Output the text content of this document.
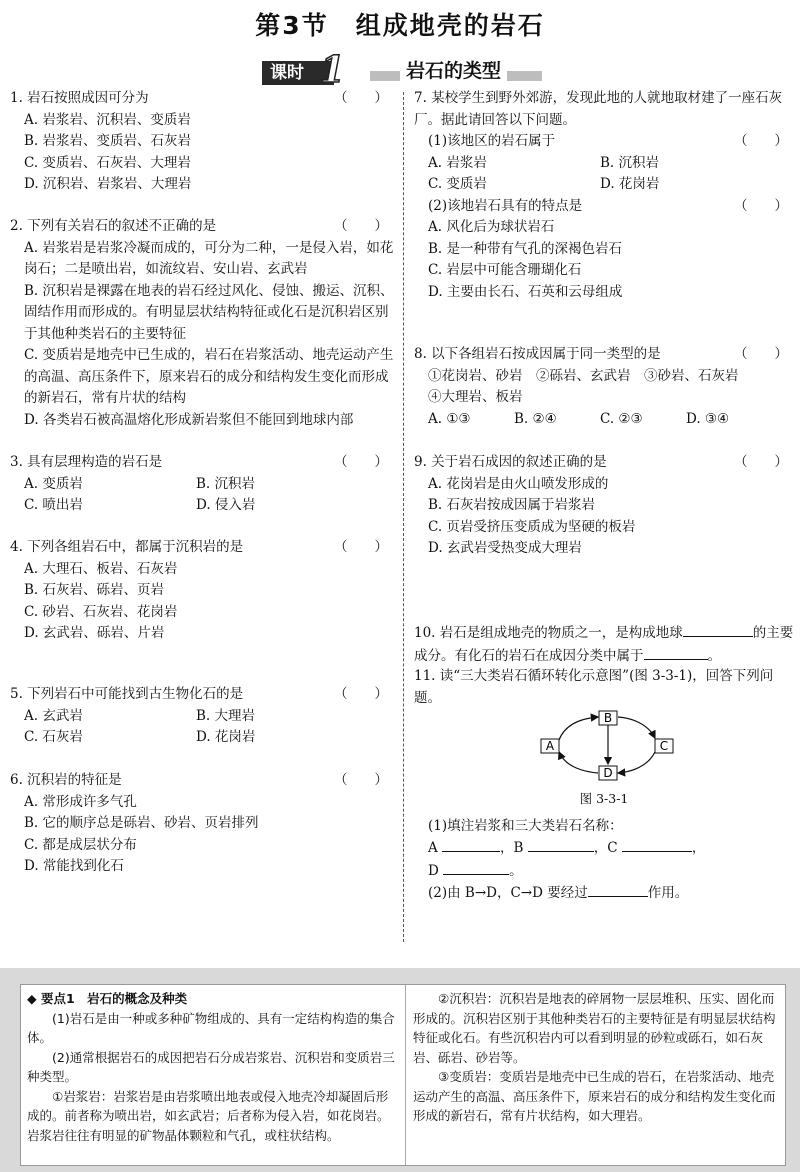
第3节　组成地壳的岩石
课时 1	岩石的类型
1. 岩石按照成因可分为	（　　）
A. 岩浆岩、沉积岩、变质岩
B. 岩浆岩、变质岩、石灰岩
C. 变质岩、石灰岩、大理岩
D. 沉积岩、岩浆岩、大理岩
2. 下列有关岩石的叙述不正确的是	（　　）
A. 岩浆岩是岩浆冷凝而成的，可分为二种，一是侵入岩，如花岗石；二是喷出岩，如流纹岩、安山岩、玄武岩
B. 沉积岩是裸露在地表的岩石经过风化、侵蚀、搬运、沉积、固结作用而形成的。有明显层状结构特征或化石是沉积岩区别于其他种类岩石的主要特征
C. 变质岩是地壳中已生成的，岩石在岩浆活动、地壳运动产生的高温、高压条件下，原来岩石的成分和结构发生变化而形成的新岩石，常有片状的结构
D. 各类岩石被高温熔化形成新岩浆但不能回到地球内部
3. 具有层理构造的岩石是	（　　）
A. 变质岩	B. 沉积岩
C. 喷出岩	D. 侵入岩
4. 下列各组岩石中，都属于沉积岩的是	（　　）
A. 大理石、板岩、石灰岩
B. 石灰岩、砾岩、页岩
C. 砂岩、石灰岩、花岗岩
D. 玄武岩、砾岩、片岩
5. 下列岩石中可能找到古生物化石的是	（　　）
A. 玄武岩	B. 大理岩
C. 石灰岩	D. 花岗岩
6. 沉积岩的特征是	（　　）
A. 常形成许多气孔
B. 它的顺序总是砾岩、砂岩、页岩排列
C. 都是成层状分布
D. 常能找到化石
7. 某校学生到野外郊游，发现此地的人就地取材建了一座石灰厂。据此请回答以下问题。
(1)该地区的岩石属于	（　　）
A. 岩浆岩	B. 沉积岩
C. 变质岩	D. 花岗岩
(2)该地岩石具有的特点是	（　　）
A. 风化后为球状岩石
B. 是一种带有气孔的深褐色岩石
C. 岩层中可能含珊瑚化石
D. 主要由长石、石英和云母组成
8. 以下各组岩石按成因属于同一类型的是	（　　）
①花岗岩、砂岩　②砾岩、玄武岩　③砂岩、石灰岩
④大理岩、板岩
A. ①③	B. ②④	C. ②③	D. ③④
9. 关于岩石成因的叙述正确的是	（　　）
A. 花岗岩是由火山喷发形成的
B. 石灰岩按成因属于岩浆岩
C. 页岩受挤压变质成为坚硬的板岩
D. 玄武岩受热变成大理岩
10. 岩石是组成地壳的物质之一，是构成地球	的主要成分。有化石的岩石在成因分类中属于	。
11. 读“三大类岩石循环转化示意图”(图 3-3-1)，回答下列问题。
B
A	C
D
图 3-3-1
(1)填注岩浆和三大类岩石名称：
A	，B	，C	，
D	。
(2)由 B→D，C→D 要经过	作用。
◆ 要点1　岩石的概念及种类

(1)岩石是由一种或多种矿物组成的、具有一定结构构造的集合体。

(2)通常根据岩石的成因把岩石分成岩浆岩、沉积岩和变质岩三种类型。

①岩浆岩：岩浆岩是由岩浆喷出地表或侵入地壳冷却凝固后形成的。前者称为喷出岩，如玄武岩；后者称为侵入岩，如花岗岩。岩浆岩往往有明显的矿物晶体颗粒和气孔，或柱状结构。

②沉积岩：沉积岩是地表的碎屑物一层层堆积、压实、固化而形成的。沉积岩区别于其他种类岩石的主要特征是有明显层状结构特征或化石。有些沉积岩内可以看到明显的砂粒或砾石，如石灰岩、砾岩、砂岩等。

③变质岩：变质岩是地壳中已生成的岩石，在岩浆活动、地壳运动产生的高温、高压条件下，原来岩石的成分和结构发生变化而形成的新岩石，常有片状结构，如大理岩。
